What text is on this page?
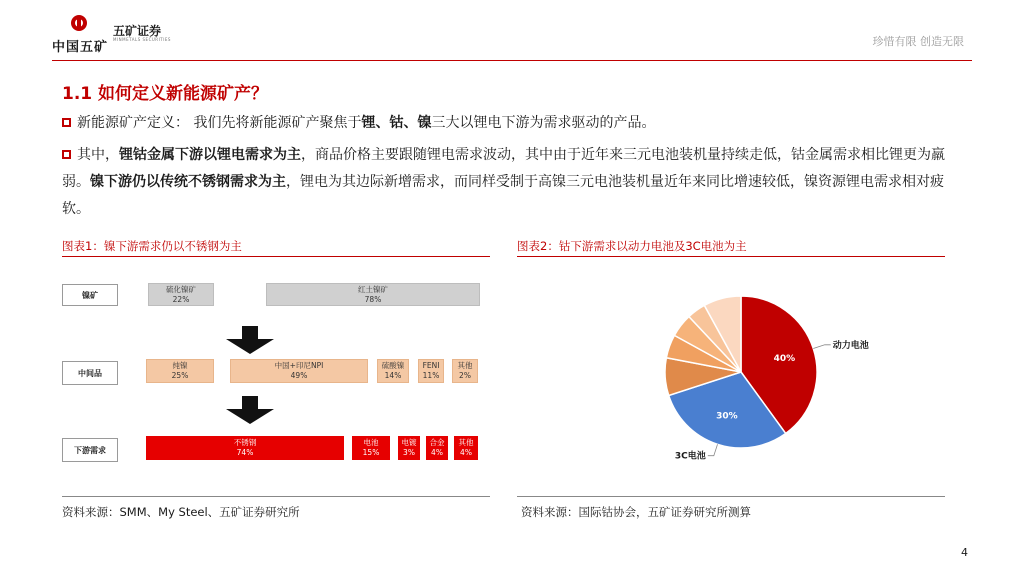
中国五矿
五矿证券
MINMETALS SECURITIES	珍惜有限 创造无限
1.1 如何定义新能源矿产？
新能源矿产定义： 我们先将新能源矿产聚焦于锂、钴、镍三大以锂电下游为需求驱动的产品。
其中，锂钴金属下游以锂电需求为主，商品价格主要跟随锂电需求波动，其中由于近年来三元电池装机量持续走低，钴金属需求相比锂更为羸弱。镍下游仍以传统不锈钢需求为主，锂电为其边际新增需求，而同样受制于高镍三元电池装机量近年来同比增速较低，镍资源锂电需求相对疲软。
图表1：镍下游需求仍以不锈钢为主
镍矿
硫化镍矿
22%
红土镍矿
78%
中间品
纯镍
25%
中国+印尼NPI
49%
硫酸镍
14%
FENI
11%
其他
2%
下游需求
不锈钢
74%
电池
15%
电镀
3%
合金
4%
其他
4%
资料来源：SMM、My Steel、五矿证券研究所
图表2：钴下游需求以动力电池及3C电池为主
40%
动力电池
30%
3C电池
资料来源：国际钴协会，五矿证券研究所测算
4
